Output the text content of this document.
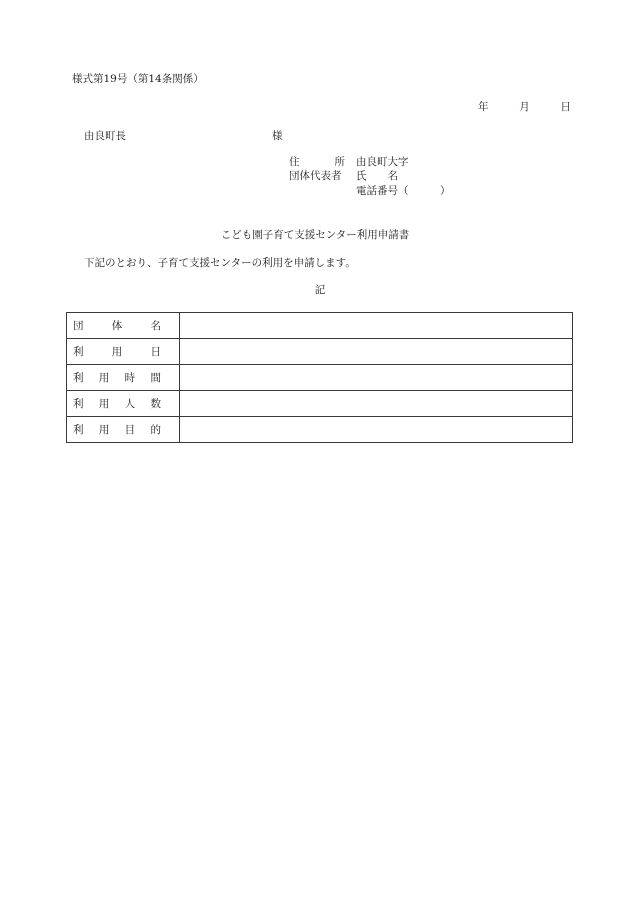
様式第19号（第14条関係）
年	月	日
由良町長	様
住	所 由良町大字
団体代表者 氏　　名
電話番号（　　　）
こども園子育て支援センター利用申請書
下記のとおり、子育て支援センターの利用を申請します。
記
団 体 名	

利 用 日	

利 用 時 間	

利 用 人 数	

利 用 目 的	
